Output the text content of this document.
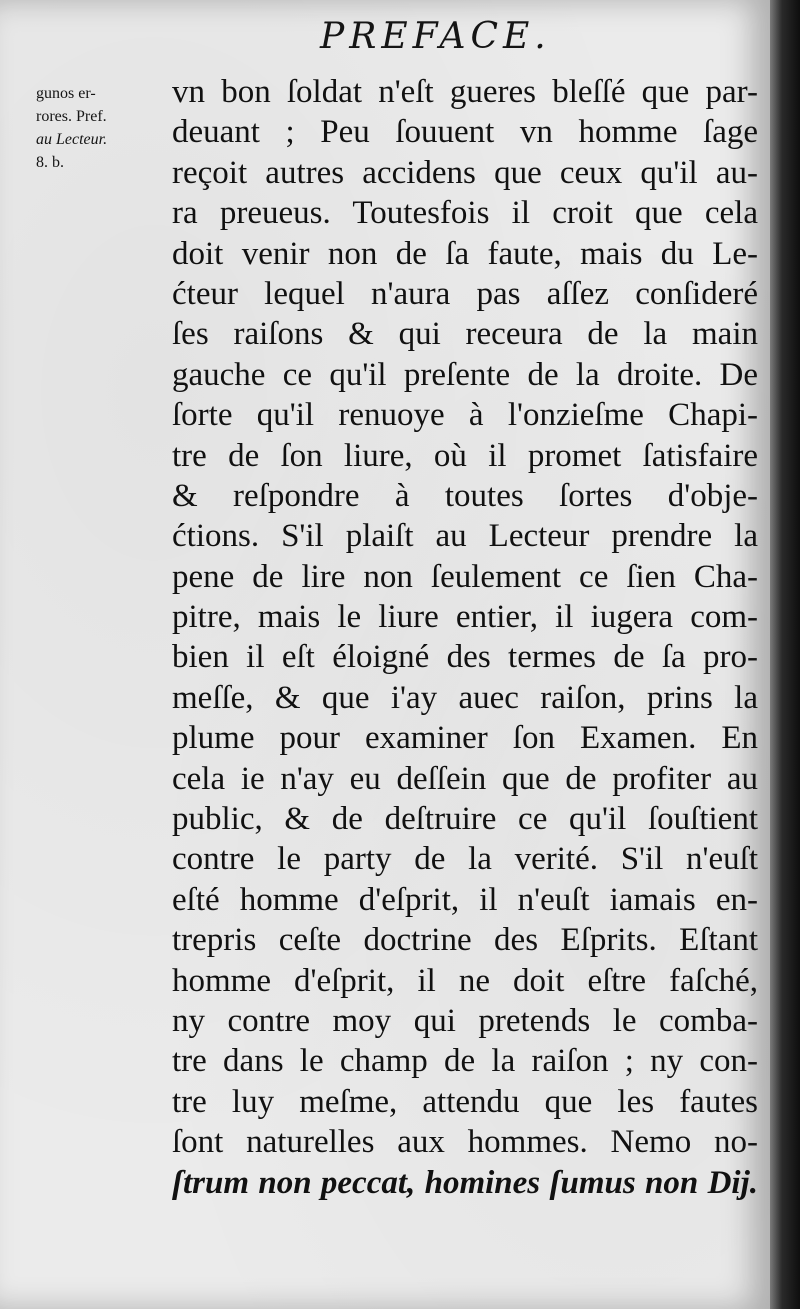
PREFACE.
gunos er-
rores. Pref.
au Lecteur.
8. b.
vn bon ſoldat n'eſt gueres bleſſé que par-
deuant ; Peu ſouuent vn homme ſage
reçoit autres accidens que ceux qu'il au-
ra preueus. Toutesfois il croit que cela
doit venir non de ſa faute, mais du Le-
ćteur lequel n'aura pas aſſez conſideré
ſes raiſons & qui receura de la main
gauche ce qu'il preſente de la droite. De
ſorte qu'il renuoye à l'onzieſme Chapi-
tre de ſon liure, où il promet ſatisfaire
& reſpondre à toutes ſortes d'obje-
ćtions. S'il plaiſt au Lecteur prendre la
pene de lire non ſeulement ce ſien Cha-
pitre, mais le liure entier, il iugera com-
bien il eſt éloigné des termes de ſa pro-
meſſe, & que i'ay auec raiſon, prins la
plume pour examiner ſon Examen. En
cela ie n'ay eu deſſein que de profiter au
public, & de deſtruire ce qu'il ſouſtient
contre le party de la verité. S'il n'euſt
eſté homme d'eſprit, il n'euſt iamais en-
trepris ceſte doctrine des Eſprits. Eſtant
homme d'eſprit, il ne doit eſtre faſché,
ny contre moy qui pretends le comba-
tre dans le champ de la raiſon ; ny con-
tre luy meſme, attendu que les fautes
ſont naturelles aux hommes. Nemo no-
ſtrum non peccat, homines ſumus non Dij.
